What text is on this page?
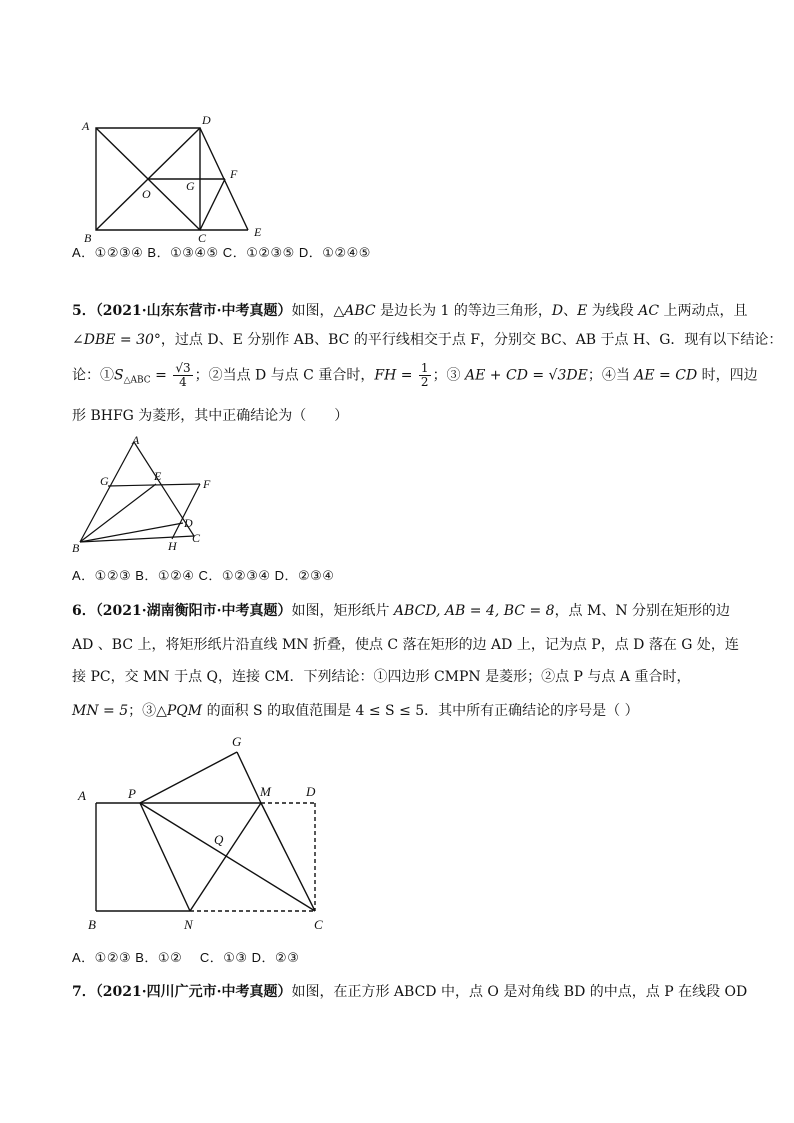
A	D
F
G
O
B	C	E
A．①②③④ B．①③④⑤ C．①②③⑤ D．①②④⑤
5．（2021·山东东营市·中考真题）如图，△ABC 是边长为 1 的等边三角形，D、E 为线段 AC 上两动点，且
∠DBE = 30°，过点 D、E 分别作 AB、BC 的平行线相交于点 F，分别交 BC、AB 于点 H、G．现有以下结论：
论：$①S_{\triangle ABC} = \frac{√3}{4}$ ；②当点 D 与点 C 重合时，FH = $\frac{1}{2}$ ；③ AE + CD = √3DE；④当 AE = CD 时，四边
形 BHFG 为菱形，其中正确结论为（　　）
A
G	E
F
D
C
B	H
A．①②③ B．①②④ C．①②③④ D．②③④
6．（2021·湖南衡阳市·中考真题）如图，矩形纸片 ABCD, AB = 4, BC = 8，点 M、N 分别在矩形的边
AD 、BC 上，将矩形纸片沿直线 MN 折叠，使点 C 落在矩形的边 AD 上，记为点 P，点 D 落在 G 处，连
接 PC，交 MN 于点 Q，连接 CM．下列结论：①四边形 CMPN 是菱形；②点 P 与点 A 重合时，
MN = 5；③△PQM 的面积 S 的取值范围是 4 ≤ S ≤ 5．其中所有正确结论的序号是（ ）
G
A	P	M	D
Q
B	N	C
A．①②③ B．①②　 C．①③ D．②③
7．（2021·四川广元市·中考真题）如图，在正方形 ABCD 中，点 O 是对角线 BD 的中点，点 P 在线段 OD
